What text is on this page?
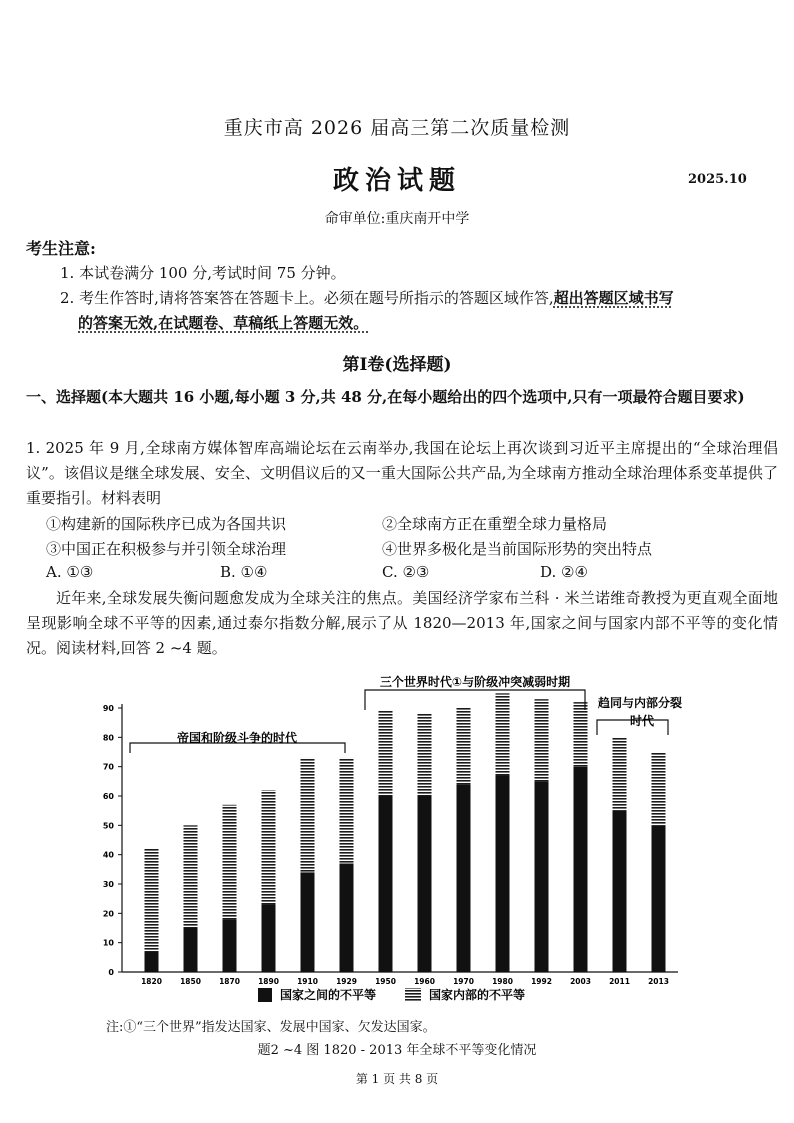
重庆市高 2026 届高三第二次质量检测
政治试题	2025.10
命审单位:重庆南开中学
考生注意:
1. 本试卷满分 100 分,考试时间 75 分钟。
2. 考生作答时,请将答案答在答题卡上。必须在题号所指示的答题区域作答,超出答题区域书写
的答案无效,在试题卷、草稿纸上答题无效。
第Ⅰ卷(选择题)
一、选择题(本大题共 16 小题,每小题 3 分,共 48 分,在每小题给出的四个选项中,只有一项最符合题目要求)
1. 2025 年 9 月,全球南方媒体智库高端论坛在云南举办,我国在论坛上再次谈到习近平主席提出的“全球治理倡议”。该倡议是继全球发展、安全、文明倡议后的又一重大国际公共产品,为全球南方推动全球治理体系变革提供了重要指引。材料表明
①构建新的国际秩序已成为各国共识	②全球南方正在重塑全球力量格局
③中国正在积极参与并引领全球治理	④世界多极化是当前国际形势的突出特点
A. ①③	B. ①④	C. ②③	D. ②④
近年来,全球发展失衡问题愈发成为全球关注的焦点。美国经济学家布兰科 · 米兰诺维奇教授为更直观全面地呈现影响全球不平等的因素,通过泰尔指数分解,展示了从 1820—2013 年,国家之间与国家内部不平等的变化情况。阅读材料,回答 2 ~4 题。
0
10
20
30
40
50
60
70
80
90
1820 1850 1870 1890 1910 1929 1950 1960 1970 1980 1992 2003 2011 2013
帝国和阶级斗争的时代
三个世界时代①与阶级冲突减弱时期
趋同与内部分裂
时代
国家之间的不平等	国家内部的不平等
注:①“三个世界”指发达国家、发展中国家、欠发达国家。
题2 ~4 图 1820 - 2013 年全球不平等变化情况
第 1 页 共 8 页
